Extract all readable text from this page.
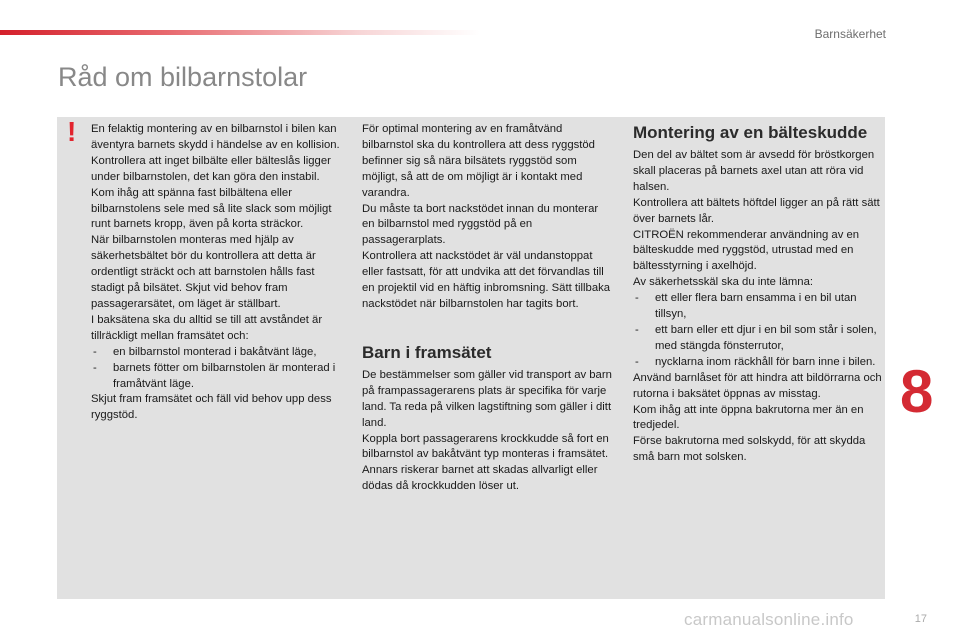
Barnsäkerhet
Råd om bilbarnstolar
! En felaktig montering av en bilbarnstol i bilen kan äventyra barnets skydd i händelse av en kollision.

Kontrollera att inget bilbälte eller bälteslås ligger under bilbarnstolen, det kan göra den instabil.

Kom ihåg att spänna fast bilbältena eller bilbarnstolens sele med så lite slack som möjligt runt barnets kropp, även på korta sträckor.

När bilbarnstolen monteras med hjälp av säkerhetsbältet bör du kontrollera att detta är ordentligt sträckt och att barnstolen hålls fast stadigt på bilsätet. Skjut vid behov fram passagerarsätet, om läget är ställbart.

I baksätena ska du alltid se till att avståndet är tillräckligt mellan framsätet och:

- en bilbarnstol monterad i bakåtvänt läge,
- barnets fötter om bilbarnstolen är monterad i framåtvänt läge.

Skjut fram framsätet och fäll vid behov upp dess ryggstöd.

För optimal montering av en framåtvänd bilbarnstol ska du kontrollera att dess ryggstöd befinner sig så nära bilsätets ryggstöd som möjligt, så att de om möjligt är i kontakt med varandra.

Du måste ta bort nackstödet innan du monterar en bilbarnstol med ryggstöd på en passagerarplats.

Kontrollera att nackstödet är väl undanstoppat eller fastsatt, för att undvika att det förvandlas till en projektil vid en häftig inbromsning. Sätt tillbaka nackstödet när bilbarnstolen har tagits bort.

Barn i framsätet

De bestämmelser som gäller vid transport av barn på frampassagerarens plats är specifika för varje land. Ta reda på vilken lagstiftning som gäller i ditt land.

Koppla bort passagerarens krockkudde så fort en bilbarnstol av bakåtvänt typ monteras i framsätet.

Annars riskerar barnet att skadas allvarligt eller dödas då krockkudden löser ut.

Montering av en bälteskudde

Den del av bältet som är avsedd för bröstkorgen skall placeras på barnets axel utan att röra vid halsen.

Kontrollera att bältets höftdel ligger an på rätt sätt över barnets lår.

CITROËN rekommenderar användning av en bälteskudde med ryggstöd, utrustad med en bältesstyrning i axelhöjd.

Av säkerhetsskäl ska du inte lämna:

- ett eller flera barn ensamma i en bil utan tillsyn,
- ett barn eller ett djur i en bil som står i solen, med stängda fönsterrutor,
- nycklarna inom räckhåll för barn inne i bilen.

Använd barnlåset för att hindra att bildörrarna och rutorna i baksätet öppnas av misstag.

Kom ihåg att inte öppna bakrutorna mer än en tredjedel.

Förse bakrutorna med solskydd, för att skydda små barn mot solsken.

8
carmanualsonline.info	17
